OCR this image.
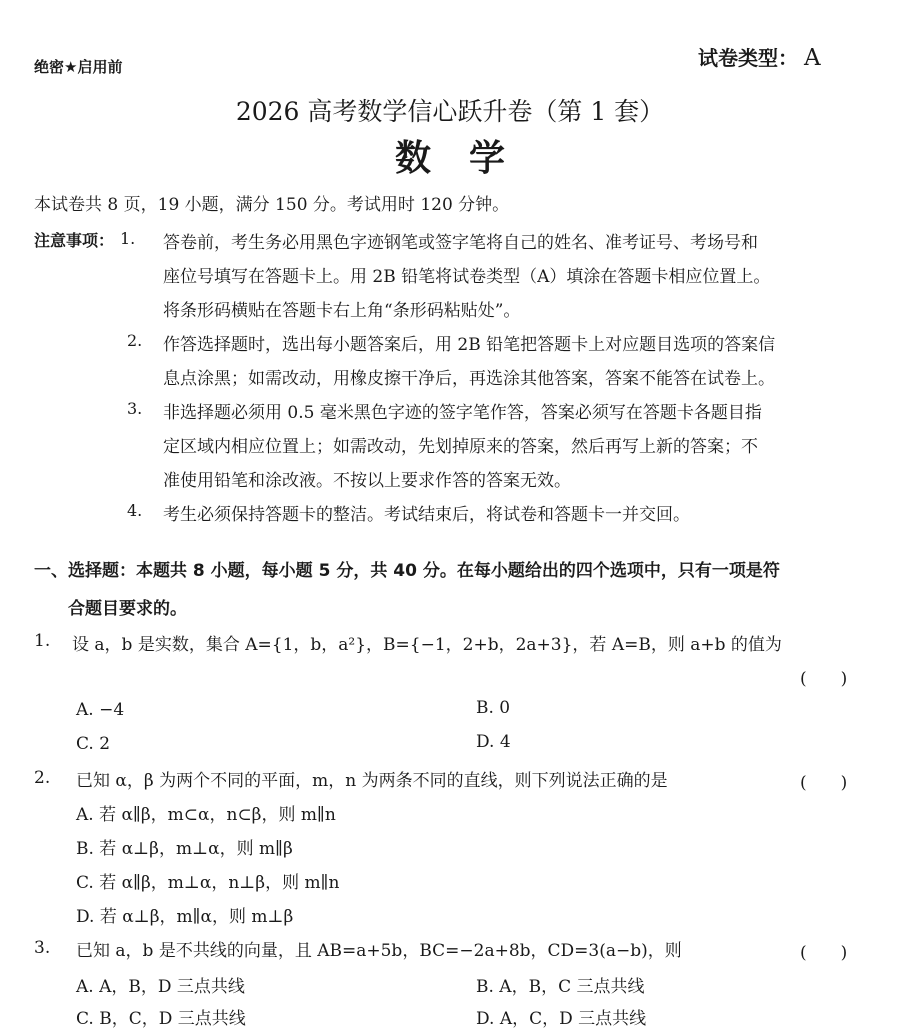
绝密★启用前	试卷类型： A
2026 高考数学信心跃升卷（第 1 套）
数学
本试卷共 8 页，19 小题，满分 150 分。考试用时 120 分钟。
注意事项： 1. 答卷前，考生务必用黑色字迹钢笔或签字笔将自己的姓名、准考证号、考场号和
座位号填写在答题卡上。用 2B 铅笔将试卷类型（A）填涂在答题卡相应位置上。
将条形码横贴在答题卡右上角“条形码粘贴处”。
2. 作答选择题时，选出每小题答案后，用 2B 铅笔把答题卡上对应题目选项的答案信
息点涂黑；如需改动，用橡皮擦干净后，再选涂其他答案，答案不能答在试卷上。
3. 非选择题必须用 0.5 毫米黑色字迹的签字笔作答，答案必须写在答题卡各题目指
定区域内相应位置上；如需改动，先划掉原来的答案，然后再写上新的答案；不
准使用铅笔和涂改液。不按以上要求作答的答案无效。
4. 考生必须保持答题卡的整洁。考试结束后，将试卷和答题卡一并交回。
一、选择题：本题共 8 小题，每小题 5 分，共 40 分。在每小题给出的四个选项中，只有一项是符
合题目要求的。
1. 设 a，b 是实数，集合 A={1，b，a²}，B={−1，2+b，2a+3}，若 A=B，则 a+b 的值为
(　　)
A. −4	B. 0
C. 2	D. 4
2. 已知 α，β 为两个不同的平面，m，n 为两条不同的直线，则下列说法正确的是	(　　)
A. 若 α∥β，m⊂α，n⊂β，则 m∥n
B. 若 α⊥β，m⊥α，则 m∥β
C. 若 α∥β，m⊥α，n⊥β，则 m∥n
D. 若 α⊥β，m∥α，则 m⊥β
3. 已知 a，b 是不共线的向量，且 AB=a+5b，BC=−2a+8b，CD=3(a−b)，则	(　　)
A. A，B，D 三点共线	B. A，B，C 三点共线
C. B，C，D 三点共线	D. A，C，D 三点共线
